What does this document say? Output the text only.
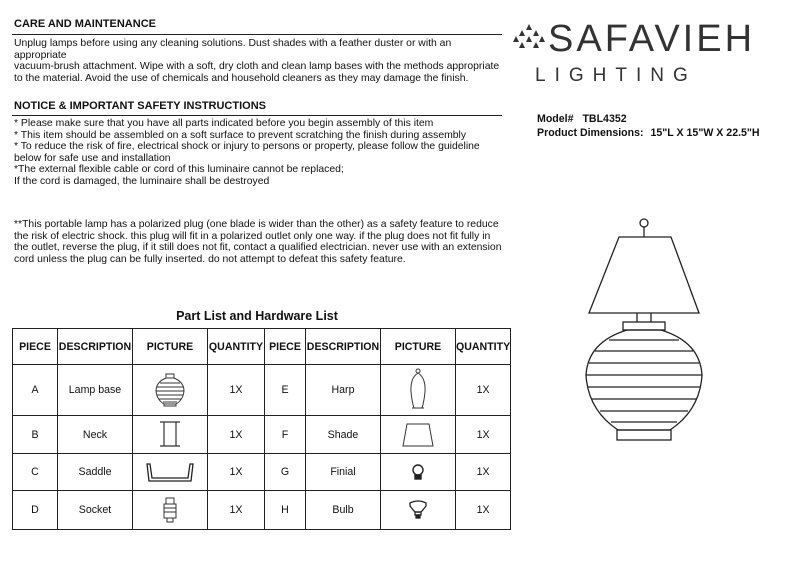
CARE AND MAINTENANCE
Unplug lamps before using any cleaning solutions. Dust shades with a feather duster or with an
appropriate
vacuum-brush attachment. Wipe with a soft, dry cloth and clean lamp bases with the methods appropriate
to the material. Avoid the use of chemicals and household cleaners as they may damage the finish.
NOTICE & IMPORTANT SAFETY INSTRUCTIONS
* Please make sure that you have all parts indicated before you begin assembly of this item
* This item should be assembled on a soft surface to prevent scratching the finish during assembly
* To reduce the risk of fire, electrical shock or injury to persons or property, please follow the guideline
below for safe use and installation
*The external flexible cable or cord of this luminaire cannot be replaced;
If the cord is damaged, the luminaire shall be destroyed
**This portable lamp has a polarized plug (one blade is wider than the other) as a safety feature to reduce
the risk of electric shock. this plug will fit in a polarized outlet only one way. if the plug does not fit fully in
the outlet, reverse the plug, if it still does not fit, contact a qualified electrician. never use with an extension
cord unless the plug can be fully inserted. do not attempt to defeat this safety feature.
SAFAVIEH
LIGHTING
Model# TBL4352
Product Dimensions: 15"L X 15"W X 22.5"H
Part List and Hardware List
PIECE	DESCRIPTION	PICTURE	QUANTITY	PIECE	DESCRIPTION	PICTURE	QUANTITY
A	Lamp base		1X	E	Harp		1X
B	Neck		1X	F	Shade		1X
C	Saddle		1X	G	Finial		1X
D	Socket		1X	H	Bulb		1X
